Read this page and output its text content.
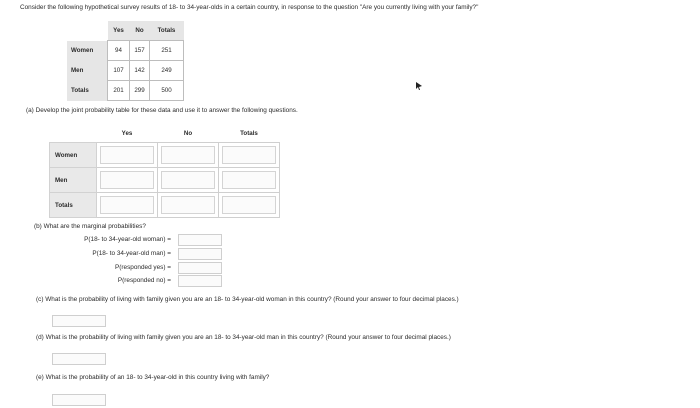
Consider the following hypothetical survey results of 18- to 34-year-olds in a certain country, in response to the question "Are you currently living with your family?"
	Yes	No	Totals
Women	94	157	251
Men	107	142	249
Totals	201	299	500
(a) Develop the joint probability table for these data and use it to answer the following questions.
	Yes	No	Totals
Women	

Men	

Totals	

(b) What are the marginal probabilities?
P(18- to 34-year-old woman) =
P(18- to 34-year-old man) =
P(responded yes) =
P(responded no) =
(c) What is the probability of living with family given you are an 18- to 34-year-old woman in this country? (Round your answer to four decimal places.)
(d) What is the probability of living with family given you are an 18- to 34-year-old man in this country? (Round your answer to four decimal places.)
(e) What is the probability of an 18- to 34-year-old in this country living with family?
